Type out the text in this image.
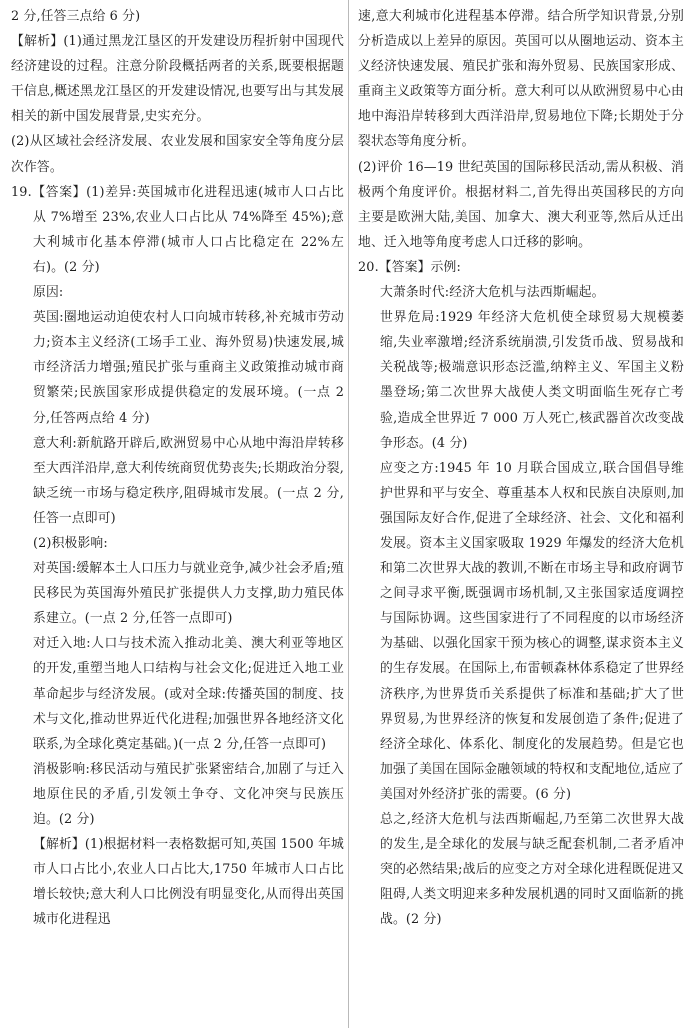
2 分,任答三点给 6 分)

【解析】(1)通过黑龙江垦区的开发建设历程折射中国现代经济建设的过程。注意分阶段概括两者的关系,既要根据题干信息,概述黑龙江垦区的开发建设情况,也要写出与其发展相关的新中国发展背景,史实充分。

(2)从区域社会经济发展、农业发展和国家安全等角度分层次作答。

19.【答案】(1)差异:英国城市化进程迅速(城市人口占比从 7%增至 23%,农业人口占比从 74%降至 45%);意大利城市化基本停滞(城市人口占比稳定在 22%左右)。(2 分)

原因:

英国:圈地运动迫使农村人口向城市转移,补充城市劳动力;资本主义经济(工场手工业、海外贸易)快速发展,城市经济活力增强;殖民扩张与重商主义政策推动城市商贸繁荣;民族国家形成提供稳定的发展环境。(一点 2 分,任答两点给 4 分)

意大利:新航路开辟后,欧洲贸易中心从地中海沿岸转移至大西洋沿岸,意大利传统商贸优势丧失;长期政治分裂,缺乏统一市场与稳定秩序,阻碍城市发展。(一点 2 分,任答一点即可)

(2)积极影响:

对英国:缓解本土人口压力与就业竞争,减少社会矛盾;殖民移民为英国海外殖民扩张提供人力支撑,助力殖民体系建立。(一点 2 分,任答一点即可)

对迁入地:人口与技术流入推动北美、澳大利亚等地区的开发,重塑当地人口结构与社会文化;促进迁入地工业革命起步与经济发展。(或对全球:传播英国的制度、技术与文化,推动世界近代化进程;加强世界各地经济文化联系,为全球化奠定基础。)(一点 2 分,任答一点即可)

消极影响:移民活动与殖民扩张紧密结合,加剧了与迁入地原住民的矛盾,引发领土争夺、文化冲突与民族压迫。(2 分)

【解析】(1)根据材料一表格数据可知,英国 1500 年城市人口占比小,农业人口占比大,1750 年城市人口占比增长较快;意大利人口比例没有明显变化,从而得出英国城市化进程迅

速,意大利城市化进程基本停滞。结合所学知识背景,分别分析造成以上差异的原因。英国可以从圈地运动、资本主义经济快速发展、殖民扩张和海外贸易、民族国家形成、重商主义政策等方面分析。意大利可以从欧洲贸易中心由地中海沿岸转移到大西洋沿岸,贸易地位下降;长期处于分裂状态等角度分析。

(2)评价 16—19 世纪英国的国际移民活动,需从积极、消极两个角度评价。根据材料二,首先得出英国移民的方向主要是欧洲大陆,美国、加拿大、澳大利亚等,然后从迁出地、迁入地等角度考虑人口迁移的影响。

20.【答案】示例:

大萧条时代:经济大危机与法西斯崛起。

世界危局:1929 年经济大危机使全球贸易大规模萎缩,失业率激增;经济系统崩溃,引发货币战、贸易战和关税战等;极端意识形态泛滥,纳粹主义、军国主义粉墨登场;第二次世界大战使人类文明面临生死存亡考验,造成全世界近 7 000 万人死亡,核武器首次改变战争形态。(4 分)

应变之方:1945 年 10 月联合国成立,联合国倡导维护世界和平与安全、尊重基本人权和民族自决原则,加强国际友好合作,促进了全球经济、社会、文化和福利发展。资本主义国家吸取 1929 年爆发的经济大危机和第二次世界大战的教训,不断在市场主导和政府调节之间寻求平衡,既强调市场机制,又主张国家适度调控与国际协调。这些国家进行了不同程度的以市场经济为基础、以强化国家干预为核心的调整,谋求资本主义的生存发展。在国际上,布雷顿森林体系稳定了世界经济秩序,为世界货币关系提供了标准和基础;扩大了世界贸易,为世界经济的恢复和发展创造了条件;促进了经济全球化、体系化、制度化的发展趋势。但是它也加强了美国在国际金融领域的特权和支配地位,适应了美国对外经济扩张的需要。(6 分)

总之,经济大危机与法西斯崛起,乃至第二次世界大战的发生,是全球化的发展与缺乏配套机制,二者矛盾冲突的必然结果;战后的应变之方对全球化进程既促进又阻碍,人类文明迎来多种发展机遇的同时又面临新的挑战。(2 分)
